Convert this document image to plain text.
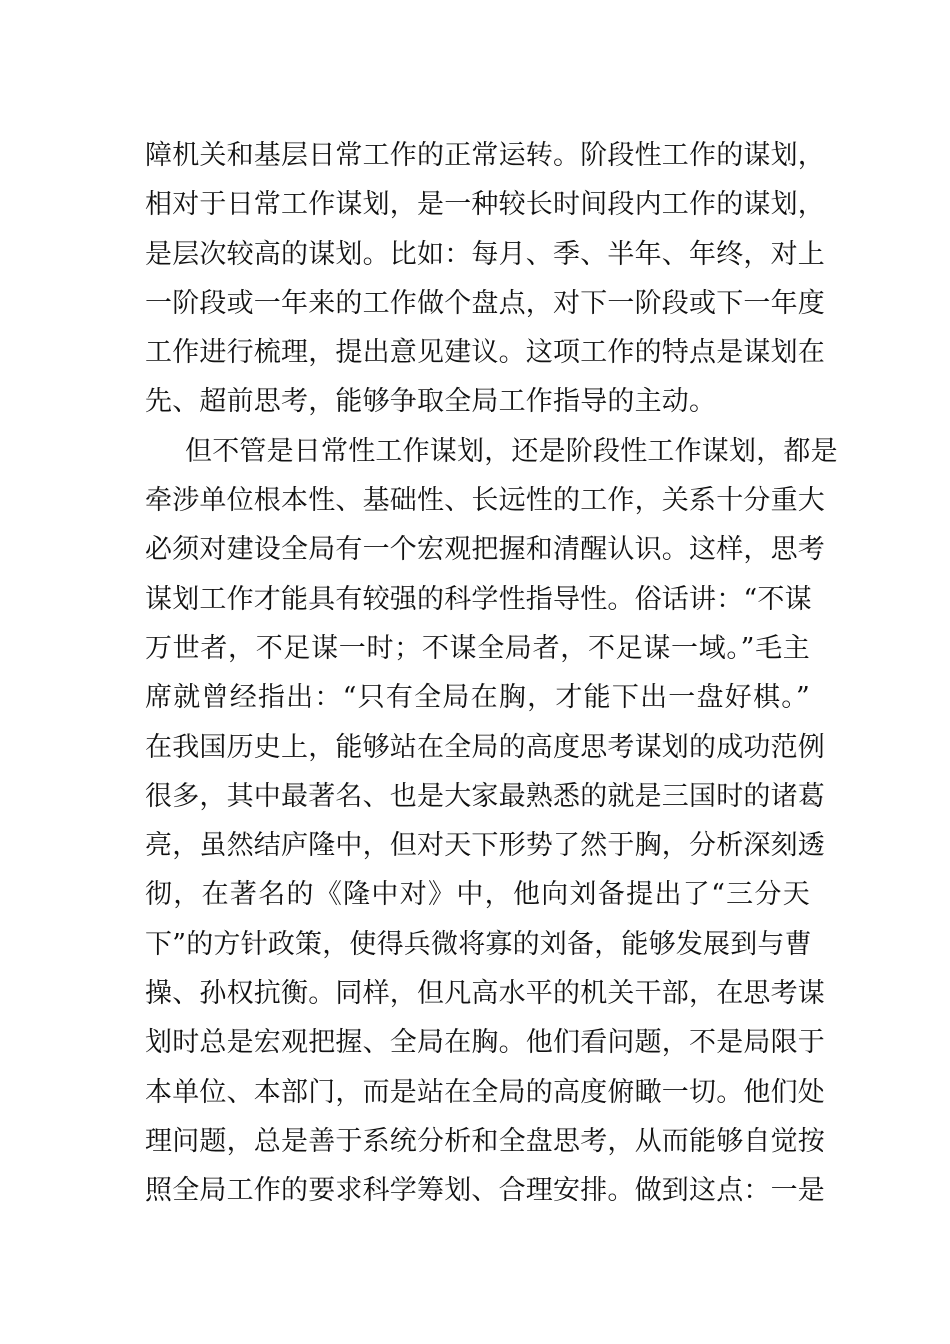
障机关和基层日常工作的正常运转。阶段性工作的谋划，
相对于日常工作谋划，是一种较长时间段内工作的谋划，
是层次较高的谋划。比如：每月、季、半年、年终，对上
一阶段或一年来的工作做个盘点，对下一阶段或下一年度
工作进行梳理，提出意见建议。这项工作的特点是谋划在
先、超前思考，能够争取全局工作指导的主动。
但不管是日常性工作谋划，还是阶段性工作谋划，都是
牵涉单位根本性、基础性、长远性的工作，关系十分重大
必须对建设全局有一个宏观把握和清醒认识。这样，思考
谋划工作才能具有较强的科学性指导性。俗话讲：“不谋
万世者，不足谋一时；不谋全局者，不足谋一域。”毛主
席就曾经指出：“只有全局在胸，才能下出一盘好棋。”
在我国历史上，能够站在全局的高度思考谋划的成功范例
很多，其中最著名、也是大家最熟悉的就是三国时的诸葛
亮，虽然结庐隆中，但对天下形势了然于胸，分析深刻透
彻，在著名的《隆中对》中，他向刘备提出了“三分天
下”的方针政策，使得兵微将寡的刘备，能够发展到与曹
操、孙权抗衡。同样，但凡高水平的机关干部，在思考谋
划时总是宏观把握、全局在胸。他们看问题，不是局限于
本单位、本部门，而是站在全局的高度俯瞰一切。他们处
理问题，总是善于系统分析和全盘思考，从而能够自觉按
照全局工作的要求科学筹划、合理安排。做到这点：一是
